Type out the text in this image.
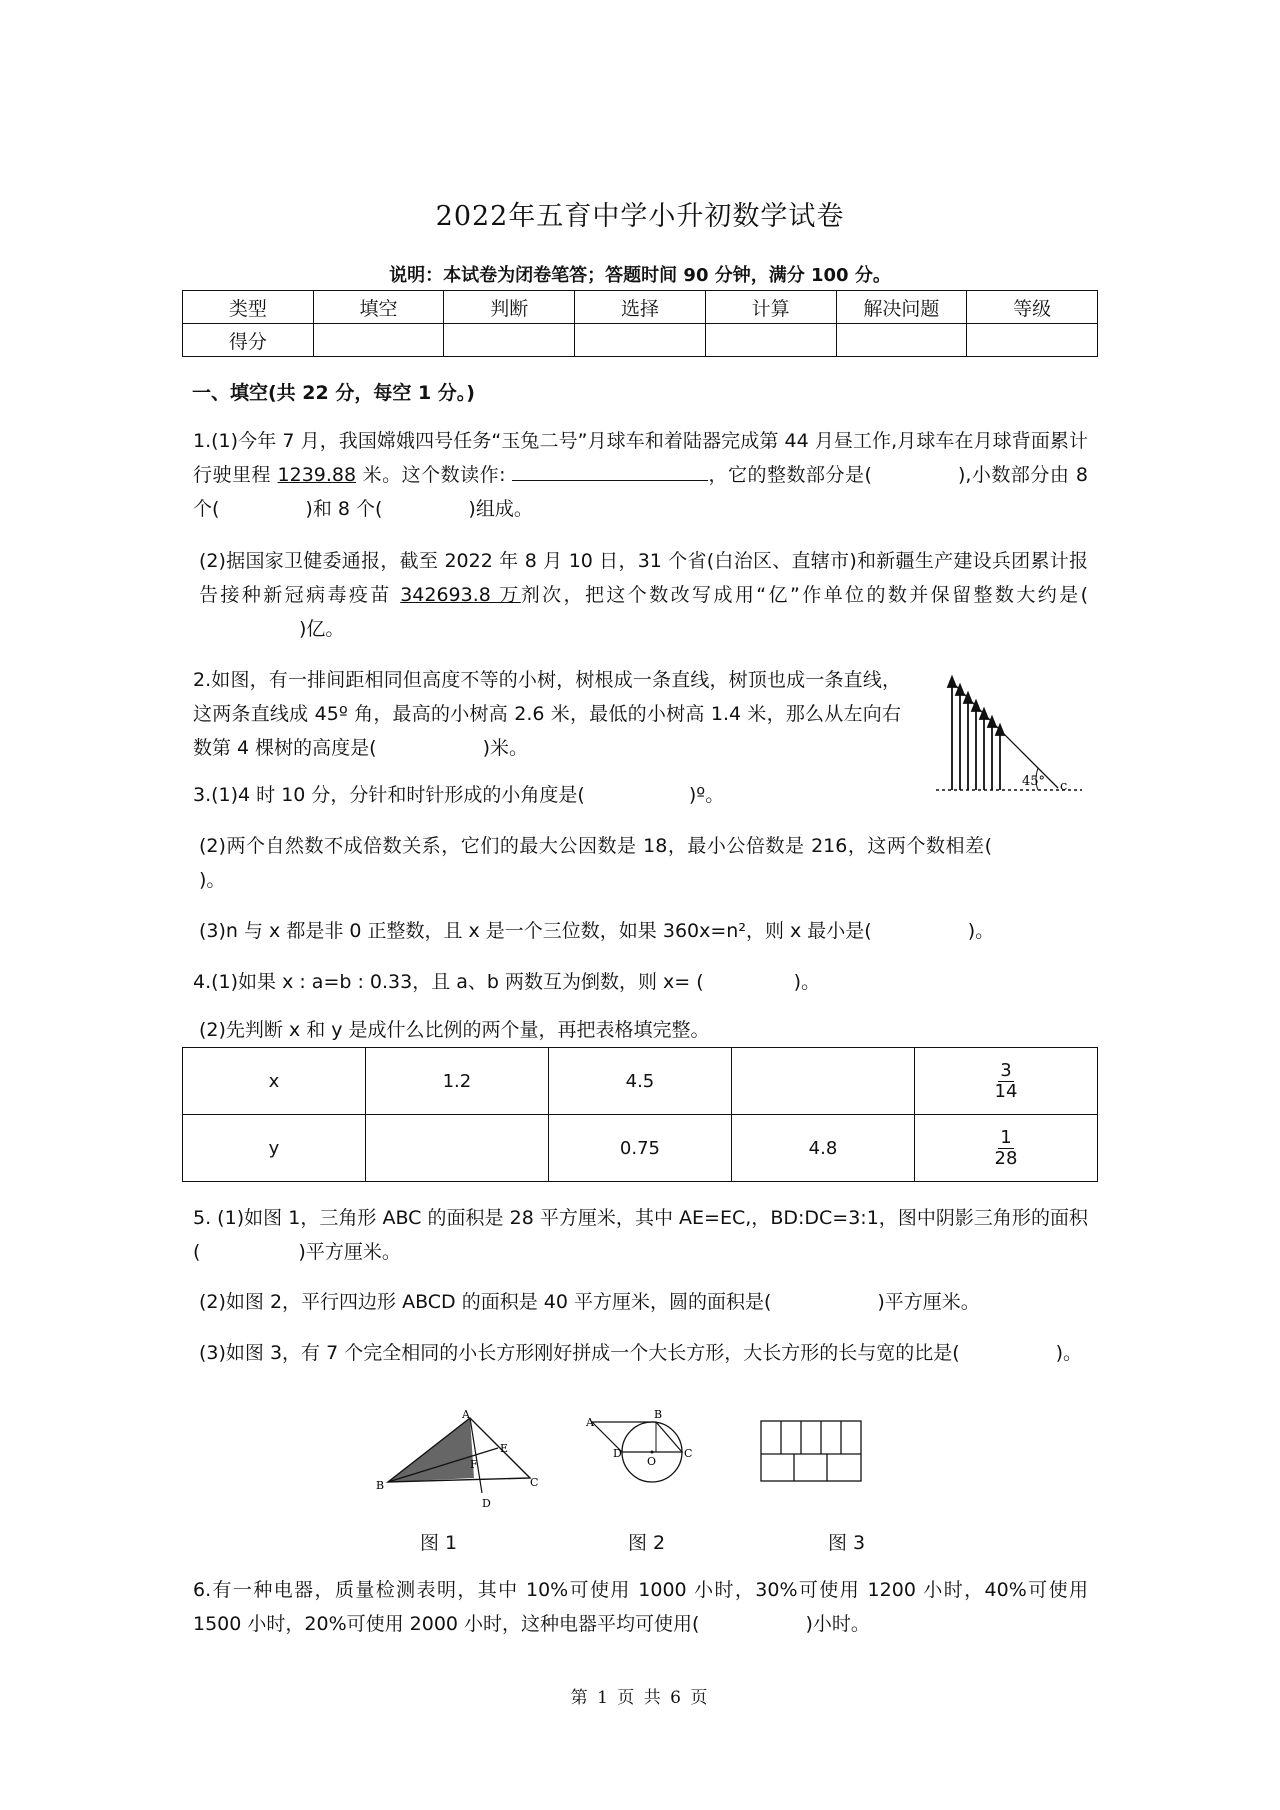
2022年五育中学小升初数学试卷
说明：本试卷为闭卷笔答；答题时间 90 分钟，满分 100 分。
类型	填空	判断	选择	计算	解决问题	等级
得分						
一、填空(共 22 分，每空 1 分。)
1.(1)今年 7 月，我国嫦娥四号任务“玉兔二号”月球车和着陆器完成第 44 月昼工作,月球车在月球背面累计行驶里程 1239.88 米。这个数读作:	，它的整数部分是(	),小数部分由 8 个(	)和 8 个(	)组成。
(2)据国家卫健委通报，截至 2022 年 8 月 10 日，31 个省(白治区、直辖市)和新疆生产建设兵团累计报告接种新冠病毒疫苗 342693.8 万剂次，把这个数改写成用“亿”作单位的数并保留整数大约是()亿。
2.如图，有一排间距相同但高度不等的小树，树根成一条直线，树顶也成一条直线，这两条直线成 45º 角，最高的小树高 2.6 米，最低的小树高 1.4 米，那么从左向右数第 4 棵树的高度是(	)米。
45° c
3.(1)4 时 10 分，分针和时针形成的小角度是(	)º。
(2)两个自然数不成倍数关系，它们的最大公因数是 18，最小公倍数是 216，这两个数相差()。
(3)n 与 x 都是非 0 正整数，且 x 是一个三位数，如果 360x=n²，则 x 最小是(	)。
4.(1)如果 x : a=b : 0.33，且 a、b 两数互为倒数，则 x= (	)。
(2)先判断 x 和 y 是成什么比例的两个量，再把表格填完整。
x	1.2	4.5		$\frac{3}{14}$

y		0.75	4.8	$\frac{1}{28}$
5. (1)如图 1，三角形 ABC 的面积是 28 平方厘米，其中 AE=EC,，BD:DC=3:1，图中阴影三角形的面积(	)平方厘米。
(2)如图 2，平行四边形 ABCD 的面积是 40 平方厘米，圆的面积是(	)平方厘米。
(3)如图 3，有 7 个完全相同的小长方形刚好拼成一个大长方形，大长方形的长与宽的比是(	)。
A
B	C
D
E
F
A
B
C
D
O
图 1	图 2	图 3
6.有一种电器，质量检测表明，其中 10%可使用 1000 小时，30%可使用 1200 小时，40%可使用 1500 小时，20%可使用 2000 小时，这种电器平均可使用(	)小时。
第 1 页 共 6 页
